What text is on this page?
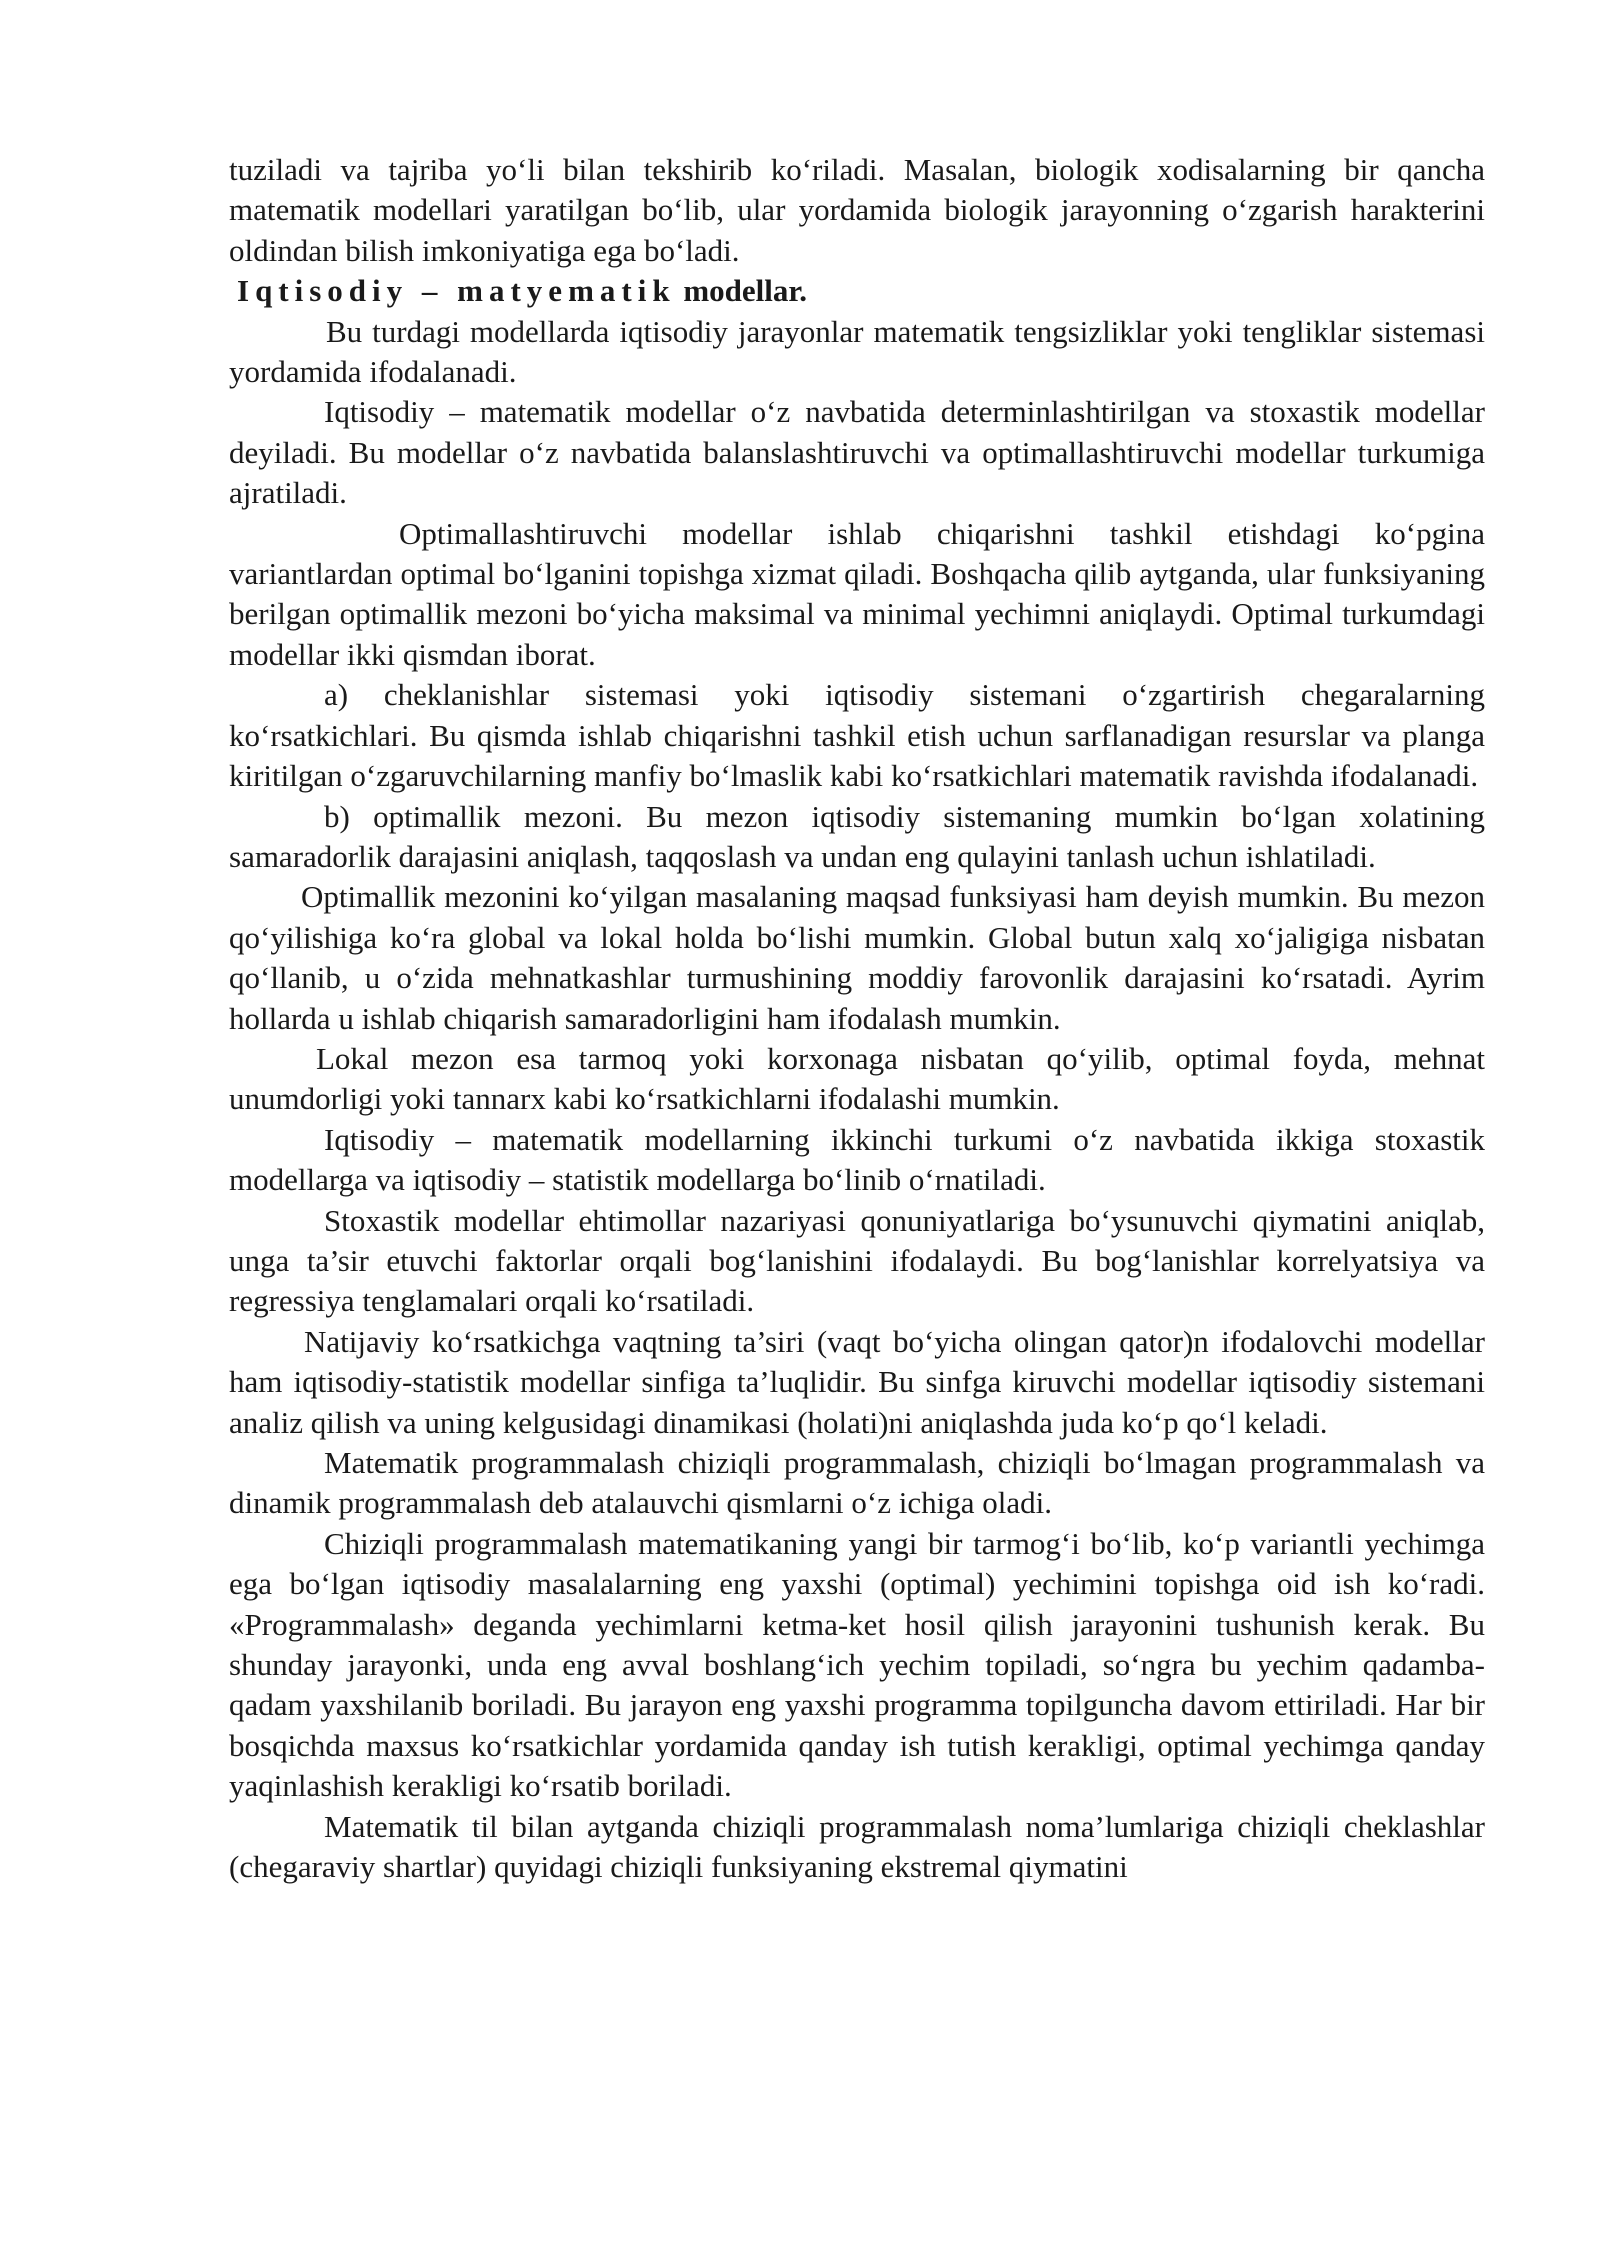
tuziladi va tajriba yo‘li bilan tekshirib ko‘riladi. Masalan, biologik xodisalarning bir qancha matematik modellari yaratilgan bo‘lib, ular yordamida biologik jarayonning o‘zgarish harakterini oldindan bilish imkoniyatiga ega bo‘ladi.

Iqtisodiy – matyematik modellar.

Bu turdagi modellarda iqtisodiy jarayonlar matematik tengsizliklar yoki tengliklar sistemasi yordamida ifodalanadi.

Iqtisodiy – matematik modellar o‘z navbatida determinlashtirilgan va stoxastik modellar deyiladi. Bu modellar o‘z navbatida balanslashtiruvchi va optimallashtiruvchi modellar turkumiga ajratiladi.

Optimallashtiruvchi modellar ishlab chiqarishni tashkil etishdagi ko‘pgina variantlardan optimal bo‘lganini topishga xizmat qiladi. Boshqacha qilib aytganda, ular funksiyaning berilgan optimallik mezoni bo‘yicha maksimal va minimal yechimni aniqlaydi. Optimal turkumdagi modellar ikki qismdan iborat.

a) cheklanishlar sistemasi yoki iqtisodiy sistemani o‘zgartirish chegaralarning ko‘rsatkichlari. Bu qismda ishlab chiqarishni tashkil etish uchun sarflanadigan resurslar va planga kiritilgan o‘zgaruvchilarning manfiy bo‘lmaslik kabi ko‘rsatkichlari matematik ravishda ifodalanadi.

b) optimallik mezoni. Bu mezon iqtisodiy sistemaning mumkin bo‘lgan xolatining samaradorlik darajasini aniqlash, taqqoslash va undan eng qulayini tanlash uchun ishlatiladi.

Optimallik mezonini ko‘yilgan masalaning maqsad funksiyasi ham deyish mumkin. Bu mezon qo‘yilishiga ko‘ra global va lokal holda bo‘lishi mumkin. Global butun xalq xo‘jaligiga nisbatan qo‘llanib, u o‘zida mehnatkashlar turmushining moddiy farovonlik darajasini ko‘rsatadi. Ayrim hollarda u ishlab chiqarish samaradorligini ham ifodalash mumkin.

Lokal mezon esa tarmoq yoki korxonaga nisbatan qo‘yilib, optimal foyda, mehnat unumdorligi yoki tannarx kabi ko‘rsatkichlarni ifodalashi mumkin.

Iqtisodiy – matematik modellarning ikkinchi turkumi o‘z navbatida ikkiga stoxastik modellarga va iqtisodiy – statistik modellarga bo‘linib o‘rnatiladi.

Stoxastik modellar ehtimollar nazariyasi qonuniyatlariga bo‘ysunuvchi qiymatini aniqlab, unga ta’sir etuvchi faktorlar orqali bog‘lanishini ifodalaydi. Bu bog‘lanishlar korrelyatsiya va regressiya tenglamalari orqali ko‘rsatiladi.

Natijaviy ko‘rsatkichga vaqtning ta’siri (vaqt bo‘yicha olingan qator)n ifodalovchi modellar ham iqtisodiy-statistik modellar sinfiga ta’luqlidir. Bu sinfga kiruvchi modellar iqtisodiy sistemani analiz qilish va uning kelgusidagi dinamikasi (holati)ni aniqlashda juda ko‘p qo‘l keladi.

Matematik programmalash chiziqli programmalash, chiziqli bo‘lmagan programmalash va dinamik programmalash deb atalauvchi qismlarni o‘z ichiga oladi.

Chiziqli programmalash matematikaning yangi bir tarmog‘i bo‘lib, ko‘p variantli yechimga ega bo‘lgan iqtisodiy masalalarning eng yaxshi (optimal) yechimini topishga oid ish ko‘radi. «Programmalash» deganda yechimlarni ketma-ket hosil qilish jarayonini tushunish kerak. Bu shunday jarayonki, unda eng avval boshlang‘ich yechim topiladi, so‘ngra bu yechim qadamba-qadam yaxshilanib boriladi. Bu jarayon eng yaxshi programma topilguncha davom ettiriladi. Har bir bosqichda maxsus ko‘rsatkichlar yordamida qanday ish tutish kerakligi, optimal yechimga qanday yaqinlashish kerakligi ko‘rsatib boriladi.

Matematik til bilan aytganda chiziqli programmalash noma’lumlariga chiziqli cheklashlar (chegaraviy shartlar) quyidagi chiziqli funksiyaning ekstremal qiymatini
